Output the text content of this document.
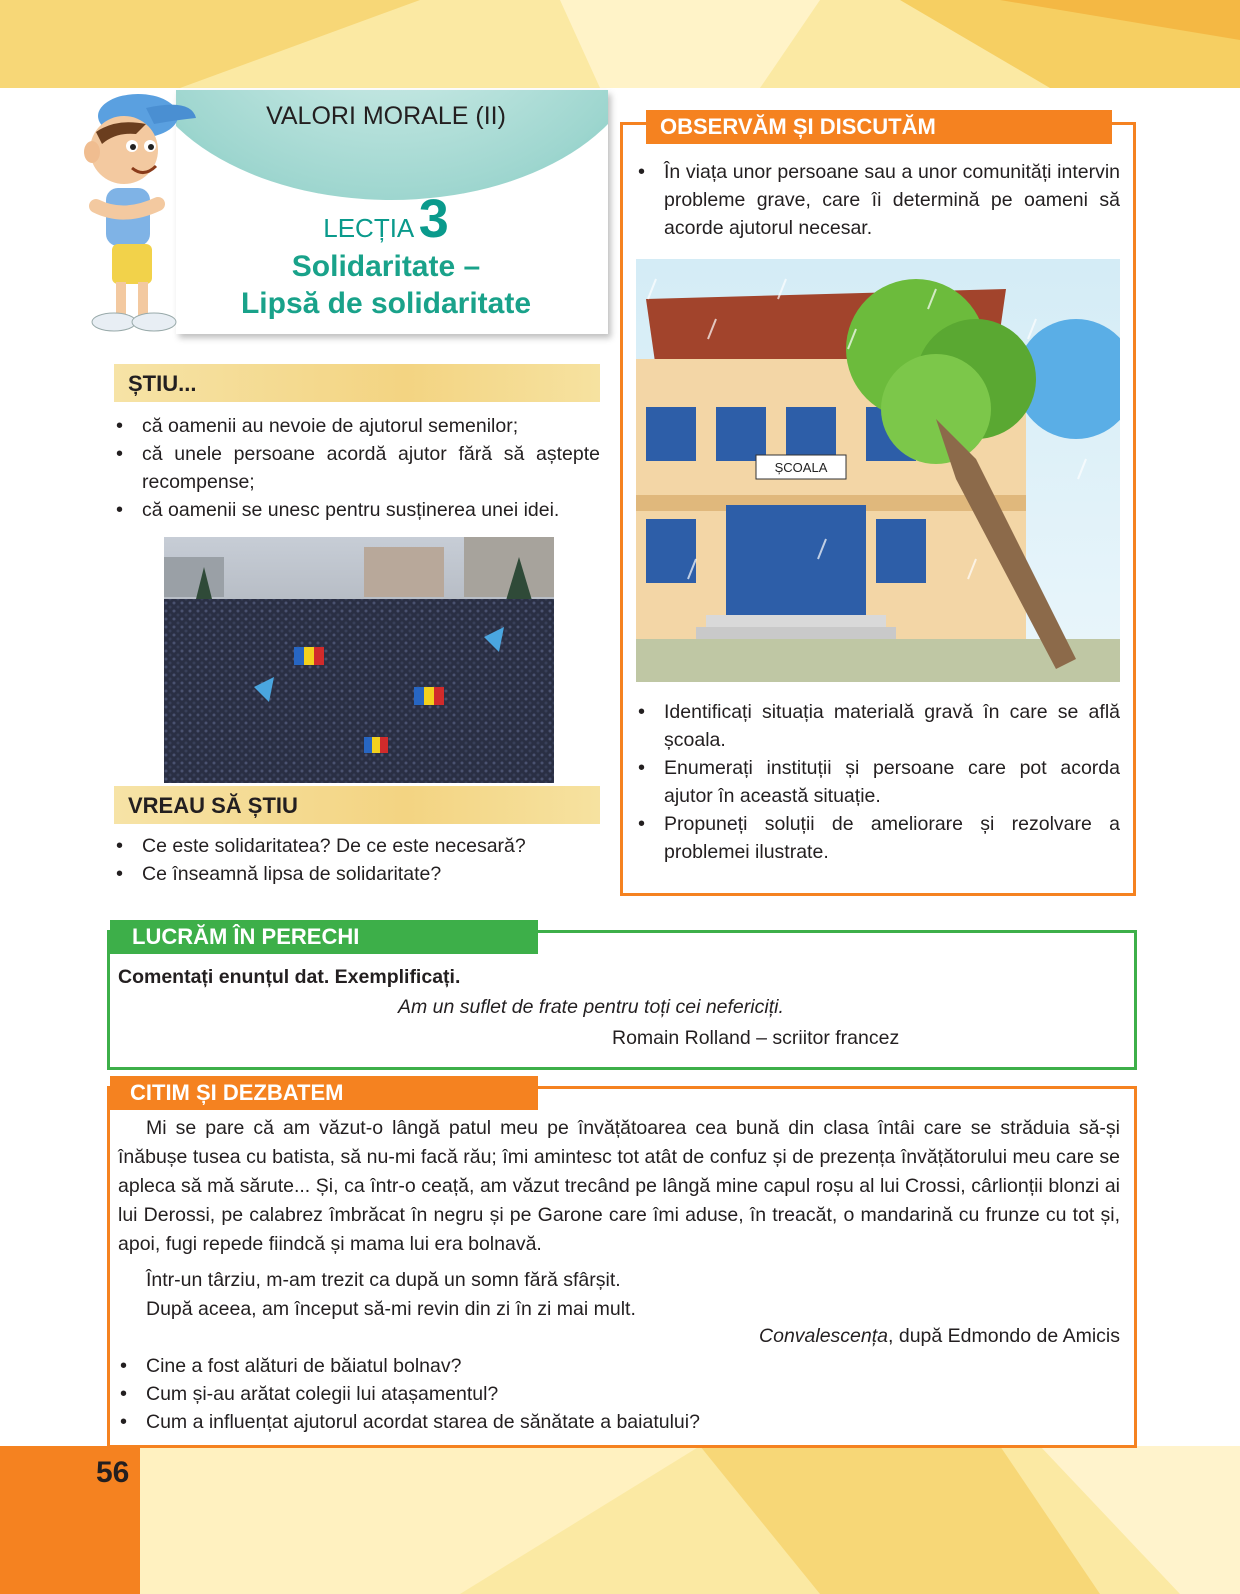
56
VALORI MORALE (II)
LECȚIA 3
Solidaritate –
Lipsă de solidaritate
ȘTIU...
• că oamenii au nevoie de ajutorul semenilor;
• că unele persoane acordă ajutor fără să aștepte recompense;
• că oamenii se unesc pentru susținerea unei idei.
VREAU SĂ ȘTIU
• Ce este solidaritatea? De ce este necesară?
• Ce înseamnă lipsa de solidaritate?
OBSERVĂM ȘI DISCUTĂM
• În viața unor persoane sau a unor comunități intervin probleme grave, care îi determină pe oameni să acorde ajutorul necesar.
ȘCOALA
• Identificați situația materială gravă în care se află școala.
• Enumerați instituții și persoane care pot acorda ajutor în această situație.
• Propuneți soluții de ameliorare și rezolvare a problemei ilustrate.
LUCRĂM ÎN PERECHI
Comentați enunțul dat. Exemplificați.
Am un suflet de frate pentru toți cei nefericiți.
Romain Rolland – scriitor francez
CITIM ȘI DEZBATEM

Mi se pare că am văzut-o lângă patul meu pe învățătoarea cea bună din clasa întâi care se străduia să-și înăbușe tusea cu batista, să nu-mi facă rău; îmi amintesc tot atât de confuz și de prezența învățătorului meu care se apleca să mă sărute... Și, ca într-o ceață, am văzut trecând pe lângă mine capul roșu al lui Crossi, cârlionții blonzi ai lui Derossi, pe calabrez îmbrăcat în negru și pe Garone care îmi aduse, în treacăt, o mandarină cu frunze cu tot și, apoi, fugi repede fiindcă și mama lui era bolnavă.

Într-un târziu, m-am trezit ca după un somn fără sfârșit.

După aceea, am început să-mi revin din zi în zi mai mult.

Convalescența, după Edmondo de Amicis
• Cine a fost alături de băiatul bolnav?
• Cum și-au arătat colegii lui atașamentul?
• Cum a influențat ajutorul acordat starea de sănătate a baiatului?
